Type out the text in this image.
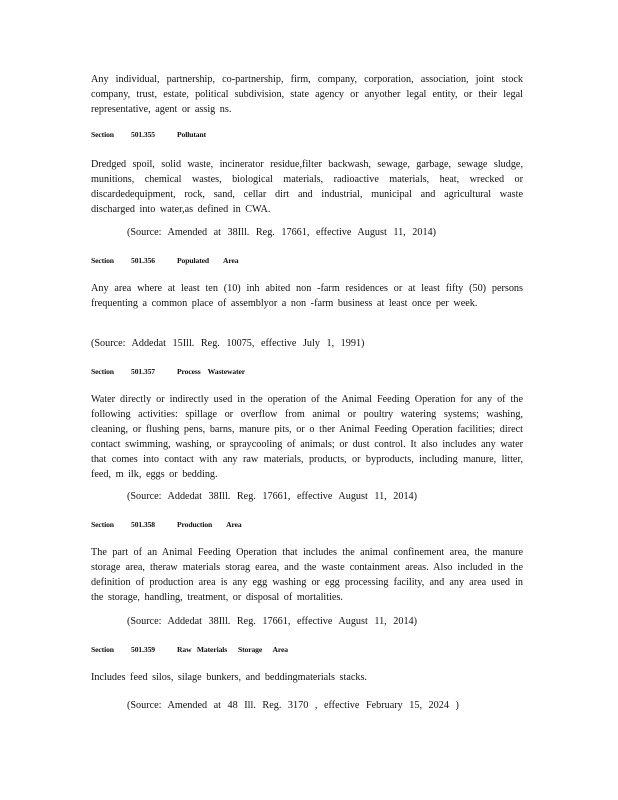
Any individual, partnership, co-partnership, firm, company, corporation, association, joint stock company, trust, estate, political subdivision, state agency or anyother legal entity, or their legal representative, agent or assig ns.
Section 501.355	Pollutant
Dredged spoil, solid waste, incinerator residue,filter backwash, sewage, garbage, sewage sludge, munitions, chemical wastes, biological materials, radioactive materials, heat, wrecked or discardedequipment, rock, sand, cellar dirt and industrial, municipal and agricultural waste discharged into water,as defined in CWA.
(Source: Amended at 38Ill. Reg. 17661, effective August 11, 2014)
Section 501.356	Populated        Area
Any area where at least ten (10) inh abited non -farm residences or at least fifty (50) persons frequenting a common place of assemblyor a non -farm business at least once per week.
(Source: Addedat 15Ill. Reg. 10075, effective July 1, 1991)
Section 501.357	Process    Wastewater
Water directly or indirectly used in the operation of the Animal Feeding Operation for any of the following activities: spillage or overflow from animal or poultry watering systems; washing, cleaning, or flushing pens, barns, manure pits, or o ther Animal Feeding Operation facilities; direct contact swimming, washing, or spraycooling of animals; or dust control. It also includes any water that comes into contact with any raw materials, products, or byproducts, including manure, litter, feed, m ilk, eggs or bedding.
(Source: Addedat 38Ill. Reg. 17661, effective August 11, 2014)
Section 501.358	Production        Area
The part of an Animal Feeding Operation that includes the animal confinement area, the manure storage area, theraw materials storag earea, and the waste containment areas. Also included in the definition of production area is any egg washing or egg processing facility, and any area used in the storage, handling, treatment, or disposal of mortalities.
(Source: Addedat 38Ill. Reg. 17661, effective August 11, 2014)
Section 501.359	Raw   Materials      Storage      Area
Includes feed silos, silage bunkers, and beddingmaterials stacks.
(Source: Amended at 48 Ill. Reg. 3170 , effective February 15, 2024 )
